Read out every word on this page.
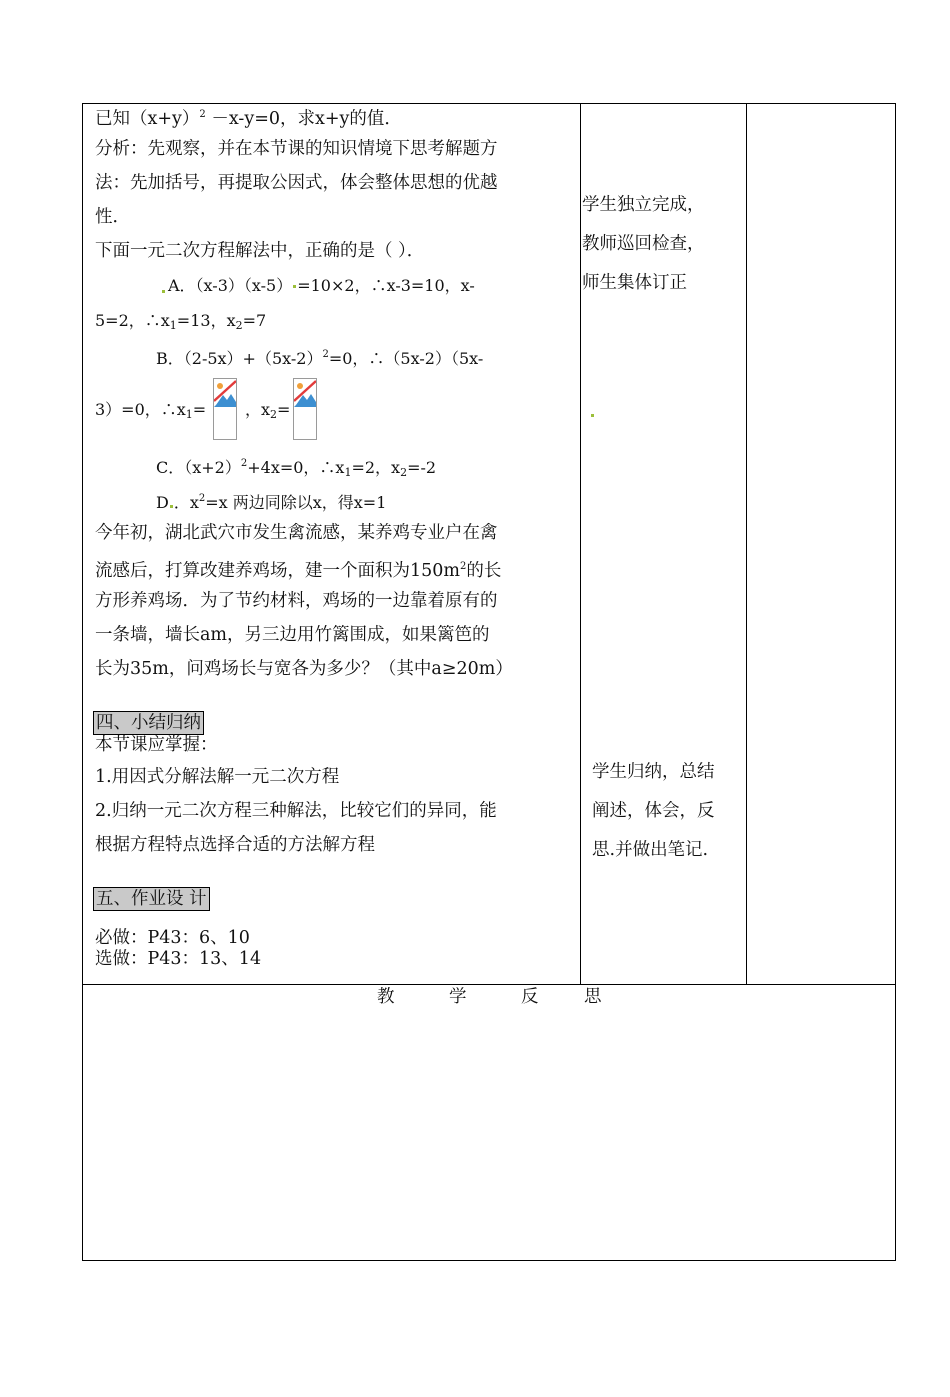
已知$(x+y)^2 -x-y=0$，求x+y的值．
分析：先观察，并在本节课的知识情境下思考解题方
法：先加括号，再提取公因式，体会整体思想的优越
性．
下面一元二次方程解法中，正确的是（ ）．
A．（x-3）（x-5） =10×2，∴x-3=10，x-
5=2，$\therefore x_1=13$，$x_2=7$
B．$(2-5x)+(5x-2)^2=0$，∴（5x-2）（5x-
3）=0，$\therefore x_1=$ ，$x_2=$
C．$(x+2)^2+4x=0$，$\therefore x_1=2$，$x_2=-2$
D ．$x^2=x$ 两边同除以x，得x=1
今年初，湖北武穴市发生禽流感，某养鸡专业户在禽
流感后，打算改建养鸡场，建一个面积为$150m^2$的长
方形养鸡场．为了节约材料，鸡场的一边靠着原有的
一条墙，墙长am，另三边用竹篱围成，如果篱笆的
长为35m，问鸡场长与宽各为多少？（其中a≥20m）
四、小结归纳
本节课应掌握：
1.用因式分解法解一元二次方程
2.归纳一元二次方程三种解法，比较它们的异同，能
根据方程特点选择合适的方法解方程
五、作业设 计
必做：P43：6、10
选做：P43：13、14
学生独立完成，
教师巡回检查，
师生集体订正
学生归纳，总结
阐述，体会，反
思.并做出笔记.
教	学	反	思
